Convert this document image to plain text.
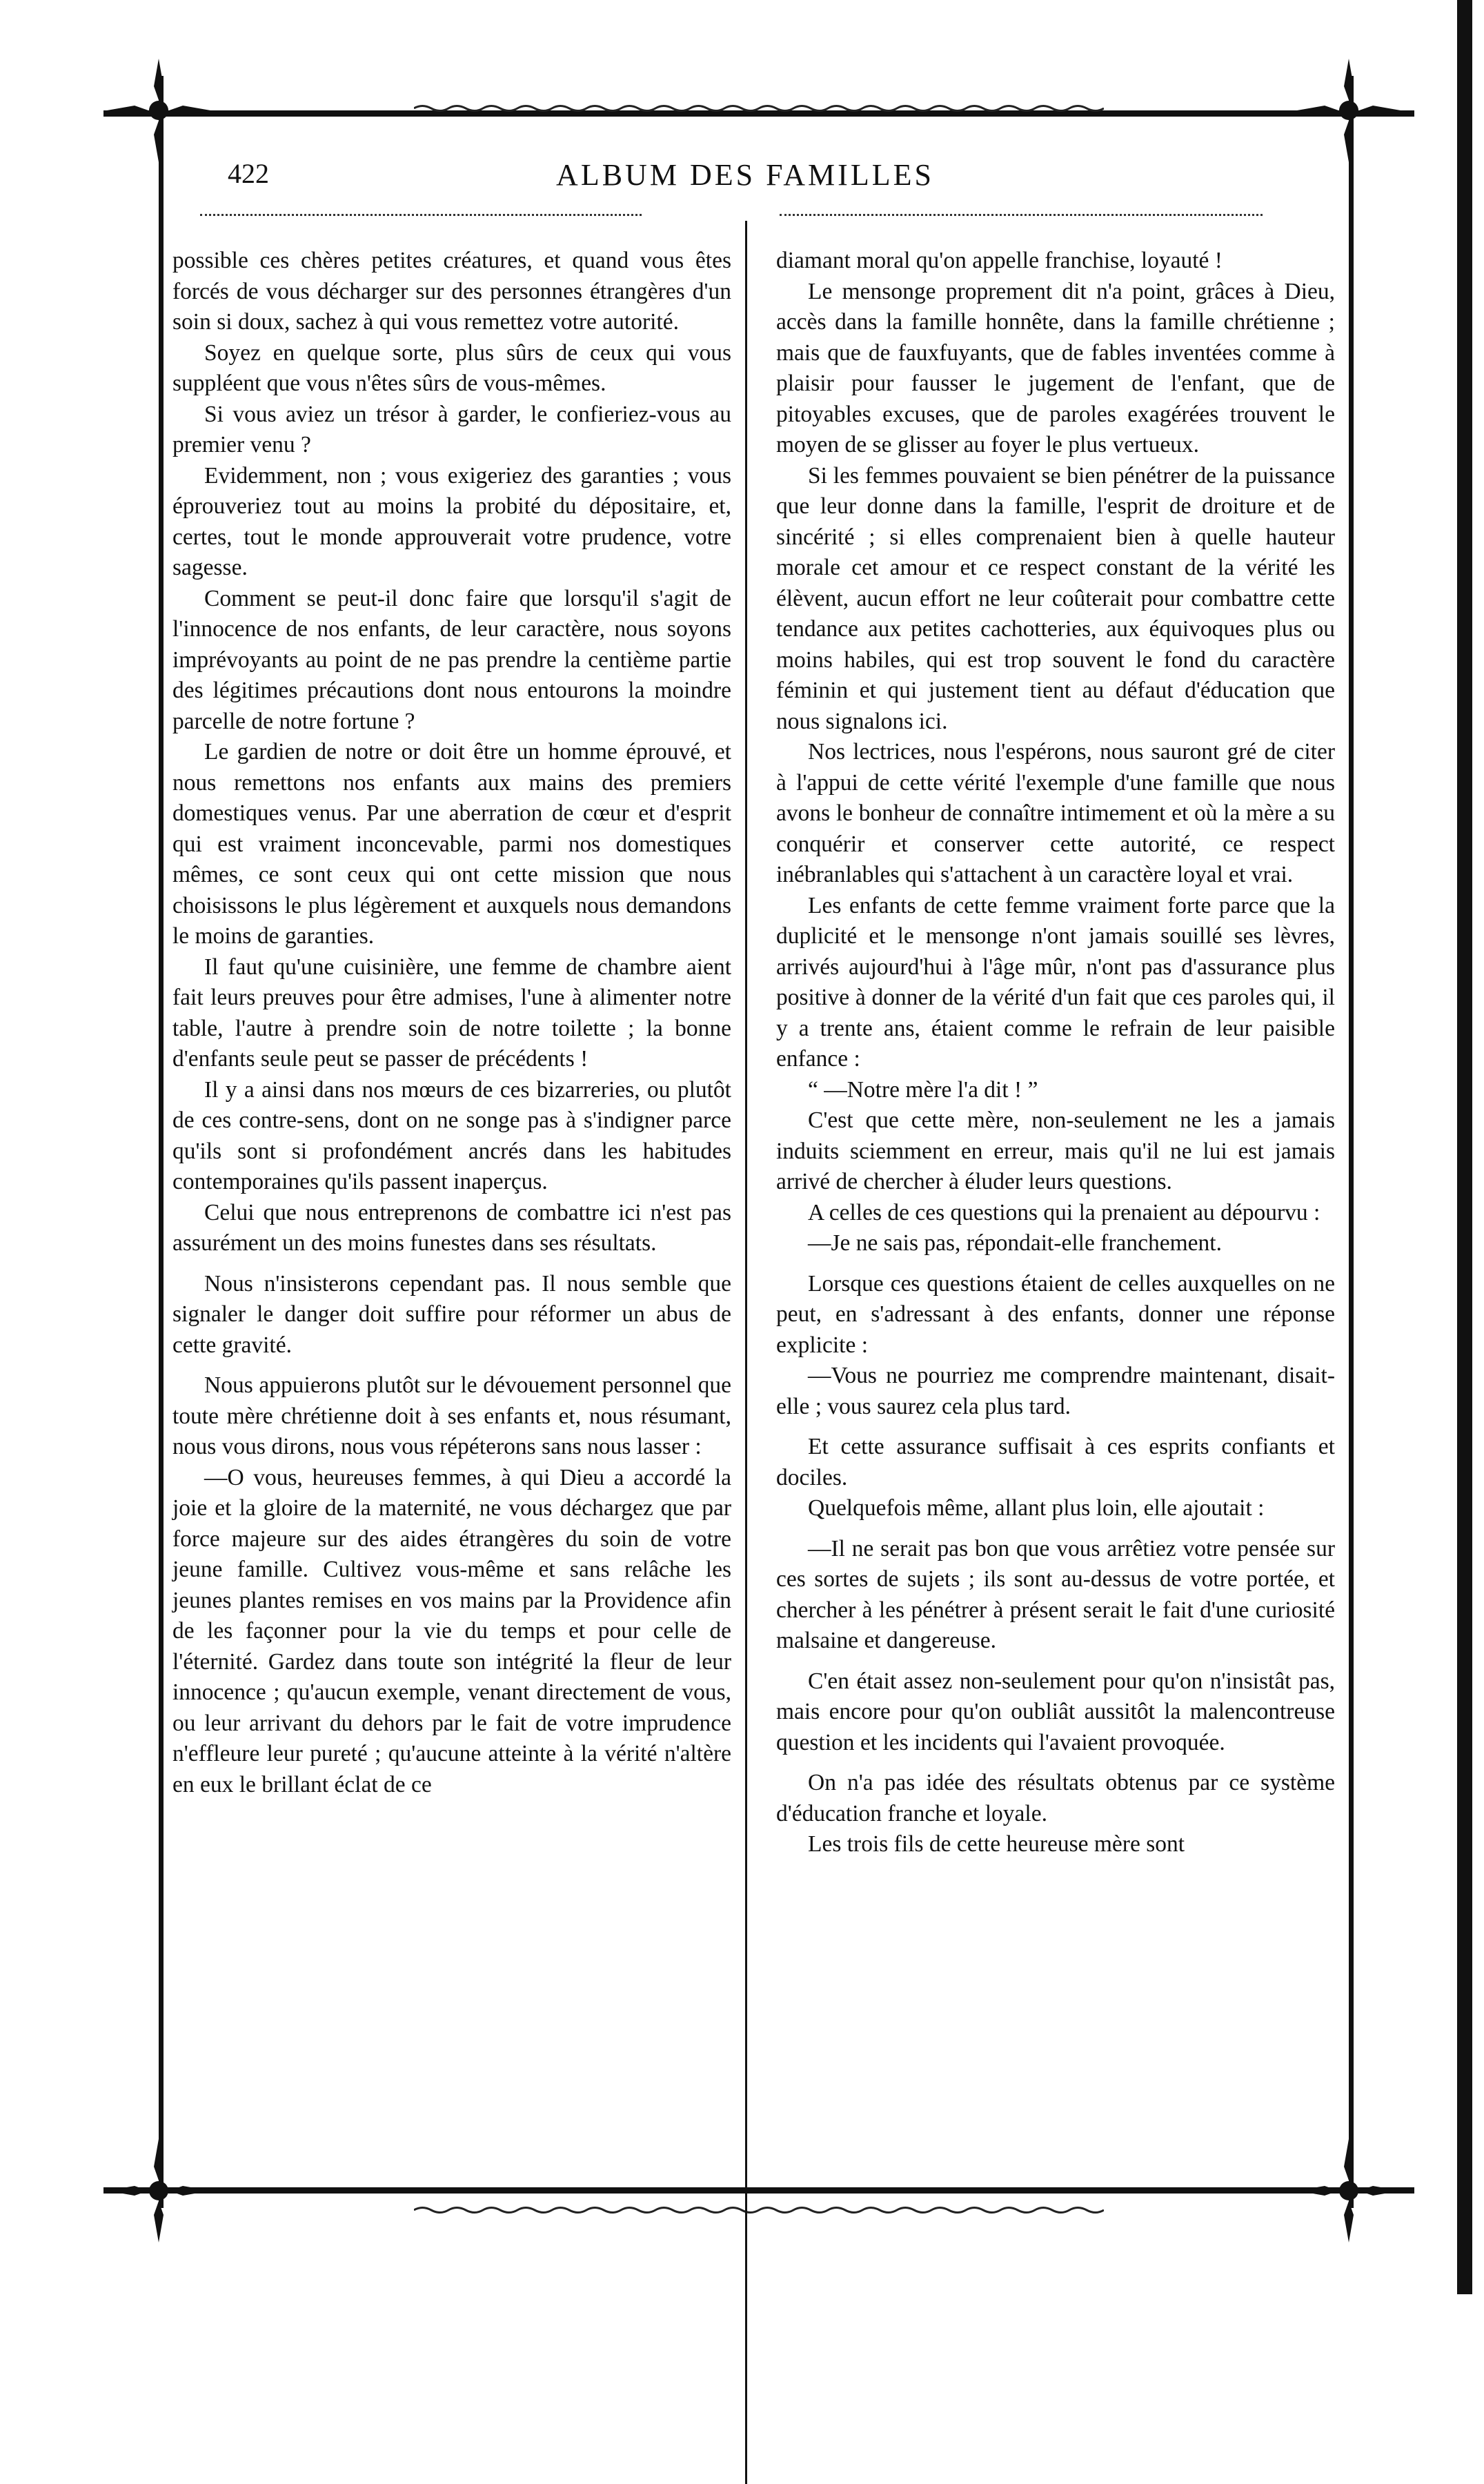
422	ALBUM DES FAMILLES

possible ces chères petites créatures, et quand vous êtes forcés de vous décharger sur des personnes étrangères d'un soin si doux, sachez à qui vous remettez votre autorité.

Soyez en quelque sorte, plus sûrs de ceux qui vous suppléent que vous n'êtes sûrs de vous-mêmes.

Si vous aviez un trésor à garder, le confieriez-vous au premier venu ?

Evidemment, non ; vous exigeriez des garanties ; vous éprouveriez tout au moins la probité du dépositaire, et, certes, tout le monde approuverait votre prudence, votre sagesse.

Comment se peut-il donc faire que lorsqu'il s'agit de l'innocence de nos enfants, de leur caractère, nous soyons imprévoyants au point de ne pas prendre la centième partie des légitimes précautions dont nous entourons la moindre parcelle de notre fortune ?

Le gardien de notre or doit être un homme éprouvé, et nous remettons nos enfants aux mains des premiers domestiques venus. Par une aberration de cœur et d'esprit qui est vraiment inconcevable, parmi nos domestiques mêmes, ce sont ceux qui ont cette mission que nous choisissons le plus légèrement et auxquels nous demandons le moins de garanties.

Il faut qu'une cuisinière, une femme de chambre aient fait leurs preuves pour être admises, l'une à alimenter notre table, l'autre à prendre soin de notre toilette ; la bonne d'enfants seule peut se passer de précédents !

Il y a ainsi dans nos mœurs de ces bizarreries, ou plutôt de ces contre-sens, dont on ne songe pas à s'indigner parce qu'ils sont si profondément ancrés dans les habitudes contemporaines qu'ils passent inaperçus.

Celui que nous entreprenons de combattre ici n'est pas assurément un des moins funestes dans ses résultats.

Nous n'insisterons cependant pas. Il nous semble que signaler le danger doit suffire pour réformer un abus de cette gravité.

Nous appuierons plutôt sur le dévouement personnel que toute mère chrétienne doit à ses enfants et, nous résumant, nous vous dirons, nous vous répéterons sans nous lasser :

—O vous, heureuses femmes, à qui Dieu a accordé la joie et la gloire de la maternité, ne vous déchargez que par force majeure sur des aides étrangères du soin de votre jeune famille. Cultivez vous-même et sans relâche les jeunes plantes remises en vos mains par la Providence afin de les façonner pour la vie du temps et pour celle de l'éternité. Gardez dans toute son intégrité la fleur de leur innocence ; qu'aucun exemple, venant directement de vous, ou leur arrivant du dehors par le fait de votre imprudence n'effleure leur pureté ; qu'aucune atteinte à la vérité n'altère en eux le brillant éclat de ce

diamant moral qu'on appelle franchise, loyauté !

Le mensonge proprement dit n'a point, grâces à Dieu, accès dans la famille honnête, dans la famille chrétienne ; mais que de fauxfuyants, que de fables inventées comme à plaisir pour fausser le jugement de l'enfant, que de pitoyables excuses, que de paroles exagérées trouvent le moyen de se glisser au foyer le plus vertueux.

Si les femmes pouvaient se bien pénétrer de la puissance que leur donne dans la famille, l'esprit de droiture et de sincérité ; si elles comprenaient bien à quelle hauteur morale cet amour et ce respect constant de la vérité les élèvent, aucun effort ne leur coûterait pour combattre cette tendance aux petites cachotteries, aux équivoques plus ou moins habiles, qui est trop souvent le fond du caractère féminin et qui justement tient au défaut d'éducation que nous signalons ici.

Nos lectrices, nous l'espérons, nous sauront gré de citer à l'appui de cette vérité l'exemple d'une famille que nous avons le bonheur de connaître intimement et où la mère a su conquérir et conserver cette autorité, ce respect inébranlables qui s'attachent à un caractère loyal et vrai.

Les enfants de cette femme vraiment forte parce que la duplicité et le mensonge n'ont jamais souillé ses lèvres, arrivés aujourd'hui à l'âge mûr, n'ont pas d'assurance plus positive à donner de la vérité d'un fait que ces paroles qui, il y a trente ans, étaient comme le refrain de leur paisible enfance :

“ —Notre mère l'a dit ! ”

C'est que cette mère, non-seulement ne les a jamais induits sciemment en erreur, mais qu'il ne lui est jamais arrivé de chercher à éluder leurs questions.

A celles de ces questions qui la prenaient au dépourvu :

—Je ne sais pas, répondait-elle franchement.

Lorsque ces questions étaient de celles auxquelles on ne peut, en s'adressant à des enfants, donner une réponse explicite :

—Vous ne pourriez me comprendre maintenant, disait-elle ; vous saurez cela plus tard.

Et cette assurance suffisait à ces esprits confiants et dociles.

Quelquefois même, allant plus loin, elle ajoutait :

—Il ne serait pas bon que vous arrêtiez votre pensée sur ces sortes de sujets ; ils sont au-dessus de votre portée, et chercher à les pénétrer à présent serait le fait d'une curiosité malsaine et dangereuse.

C'en était assez non-seulement pour qu'on n'insistât pas, mais encore pour qu'on oubliât aussitôt la malencontreuse question et les incidents qui l'avaient provoquée.

On n'a pas idée des résultats obtenus par ce système d'éducation franche et loyale.

Les trois fils de cette heureuse mère sont
